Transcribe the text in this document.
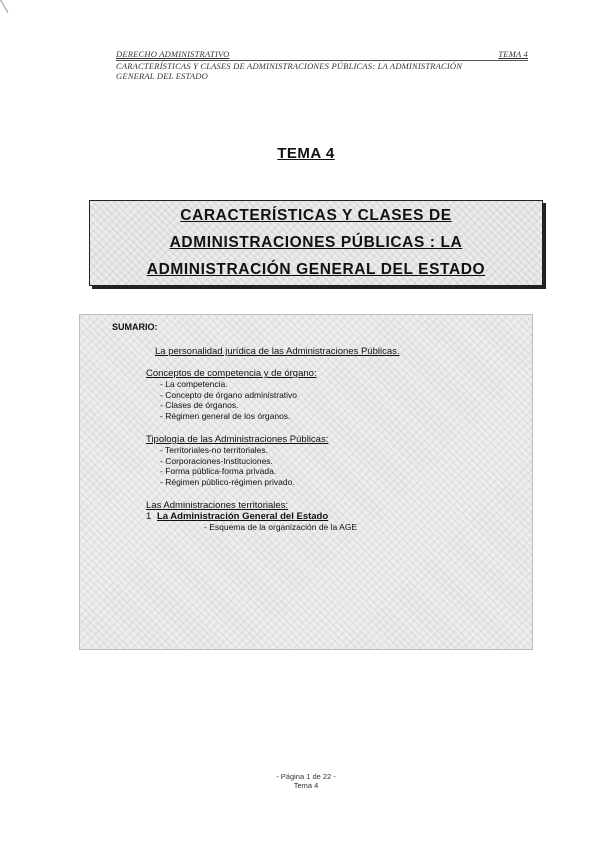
DERECHO ADMINISTRATIVO	TEMA 4
CARACTERÍSTICAS Y CLASES DE ADMINISTRACIONES PÚBLICAS: LA ADMINISTRACIÓN
GENERAL DEL ESTADO
TEMA 4
CARACTERÍSTICAS Y CLASES DE
ADMINISTRACIONES PÚBLICAS : LA
ADMINISTRACIÓN GENERAL DEL ESTADO
SUMARIO:
La personalidad jurídica de las Administraciones Públicas.
Conceptos de competencia y de órgano:
- La competencia.
- Concepto de órgano administrativo
- Clases de órganos.
- Régimen general de los órganos.
Tipología de las Administraciones Públicas:
- Territoriales-no territoriales.
- Corporaciones-Instituciones.
- Forma pública-forma privada.
- Régimen público-régimen privado.
Las Administraciones territoriales:
1 La Administración General del Estado
- Esquema de la organización de la AGE
- Página 1 de 22 -
Tema 4
